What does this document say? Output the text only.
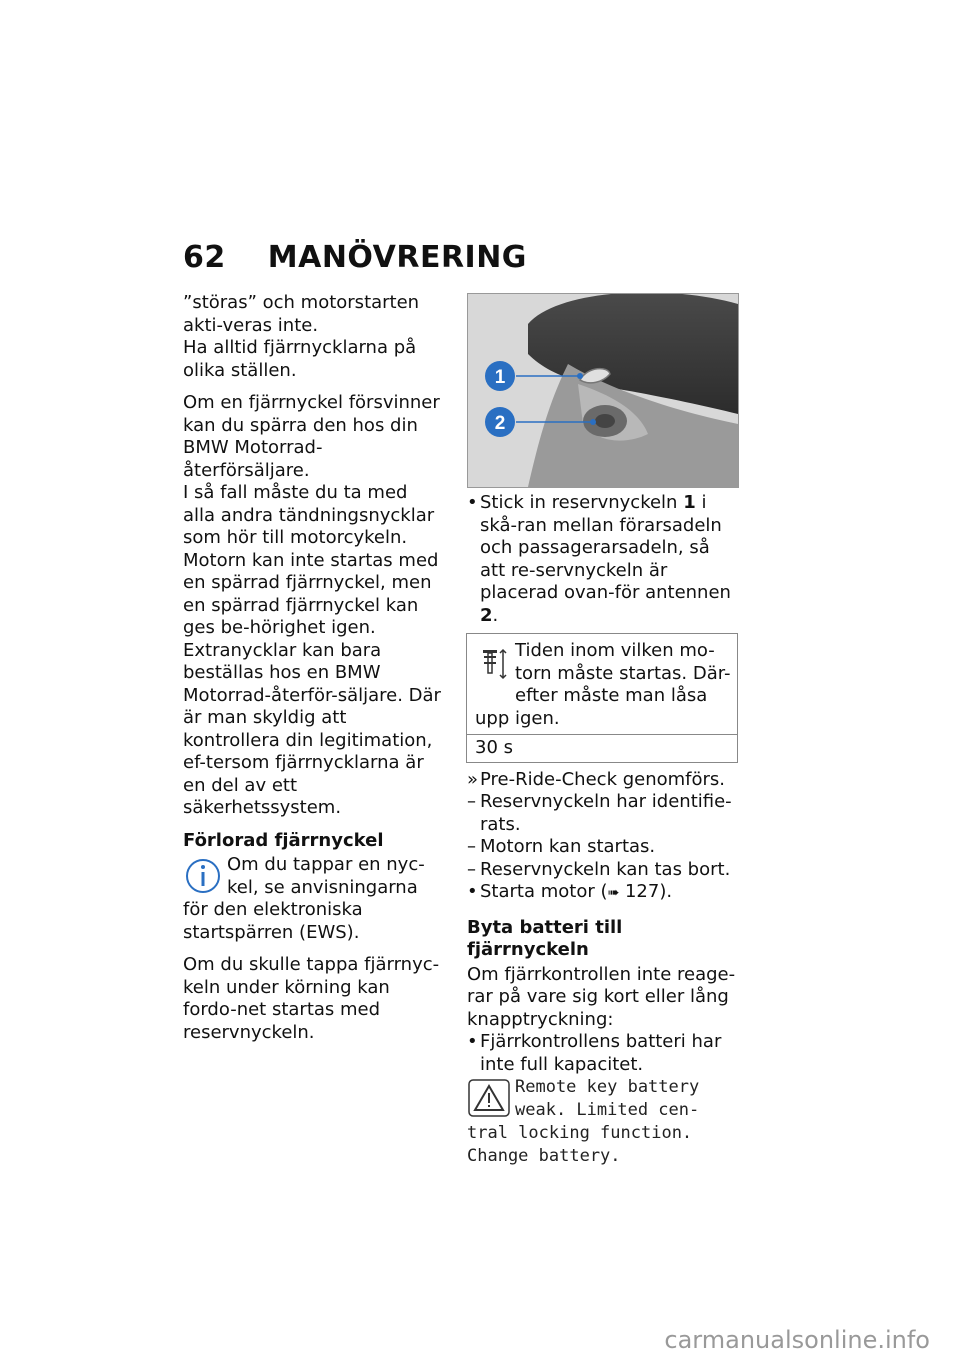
62 MANÖVRERING

”störas” och motorstarten akti-veras inte.

Ha alltid fjärrnycklarna på olika ställen.

Om en fjärrnyckel försvinner kan du spärra den hos din BMW Motorrad-återförsäljare.

I så fall måste du ta med alla andra tändningsnycklar som hör till motorcykeln.

Motorn kan inte startas med en spärrad fjärrnyckel, men en spärrad fjärrnyckel kan ges be-hörighet igen.

Extranycklar kan bara beställas hos en BMW Motorrad-återför-säljare. Där är man skyldig att kontrollera din legitimation, ef-tersom fjärrnycklarna är en del av ett säkerhetssystem.

Förlorad fjärrnyckel
Om du tappar en nyc-kel, se anvisningarna för den elektroniska startspärren (EWS).

Om du skulle tappa fjärrnyc-keln under körning kan fordo-net startas med reservnyckeln.

1
2
• Stick in reservnyckeln 1 i skå-ran mellan förarsadeln och passagerarsadeln, så att re-servnyckeln är placerad ovan-för antennen 2.
Tiden inom vilken mo-torn måste startas. Där-efter måste man låsa upp igen.
30 s
» Pre-Ride-Check genomförs.
– Reservnyckeln har identifie-rats.
– Motorn kan startas.
– Reservnyckeln kan tas bort.
• Starta motor (➠ 127).
Byta batteri till fjärrnyckeln

Om fjärrkontrollen inte reage-rar på vare sig kort eller lång knapptryckning:

• Fjärrkontrollens batteri har inte full kapacitet.
Remote key battery weak. Limited cen-tral locking function. Change battery.
carmanualsonline.info
